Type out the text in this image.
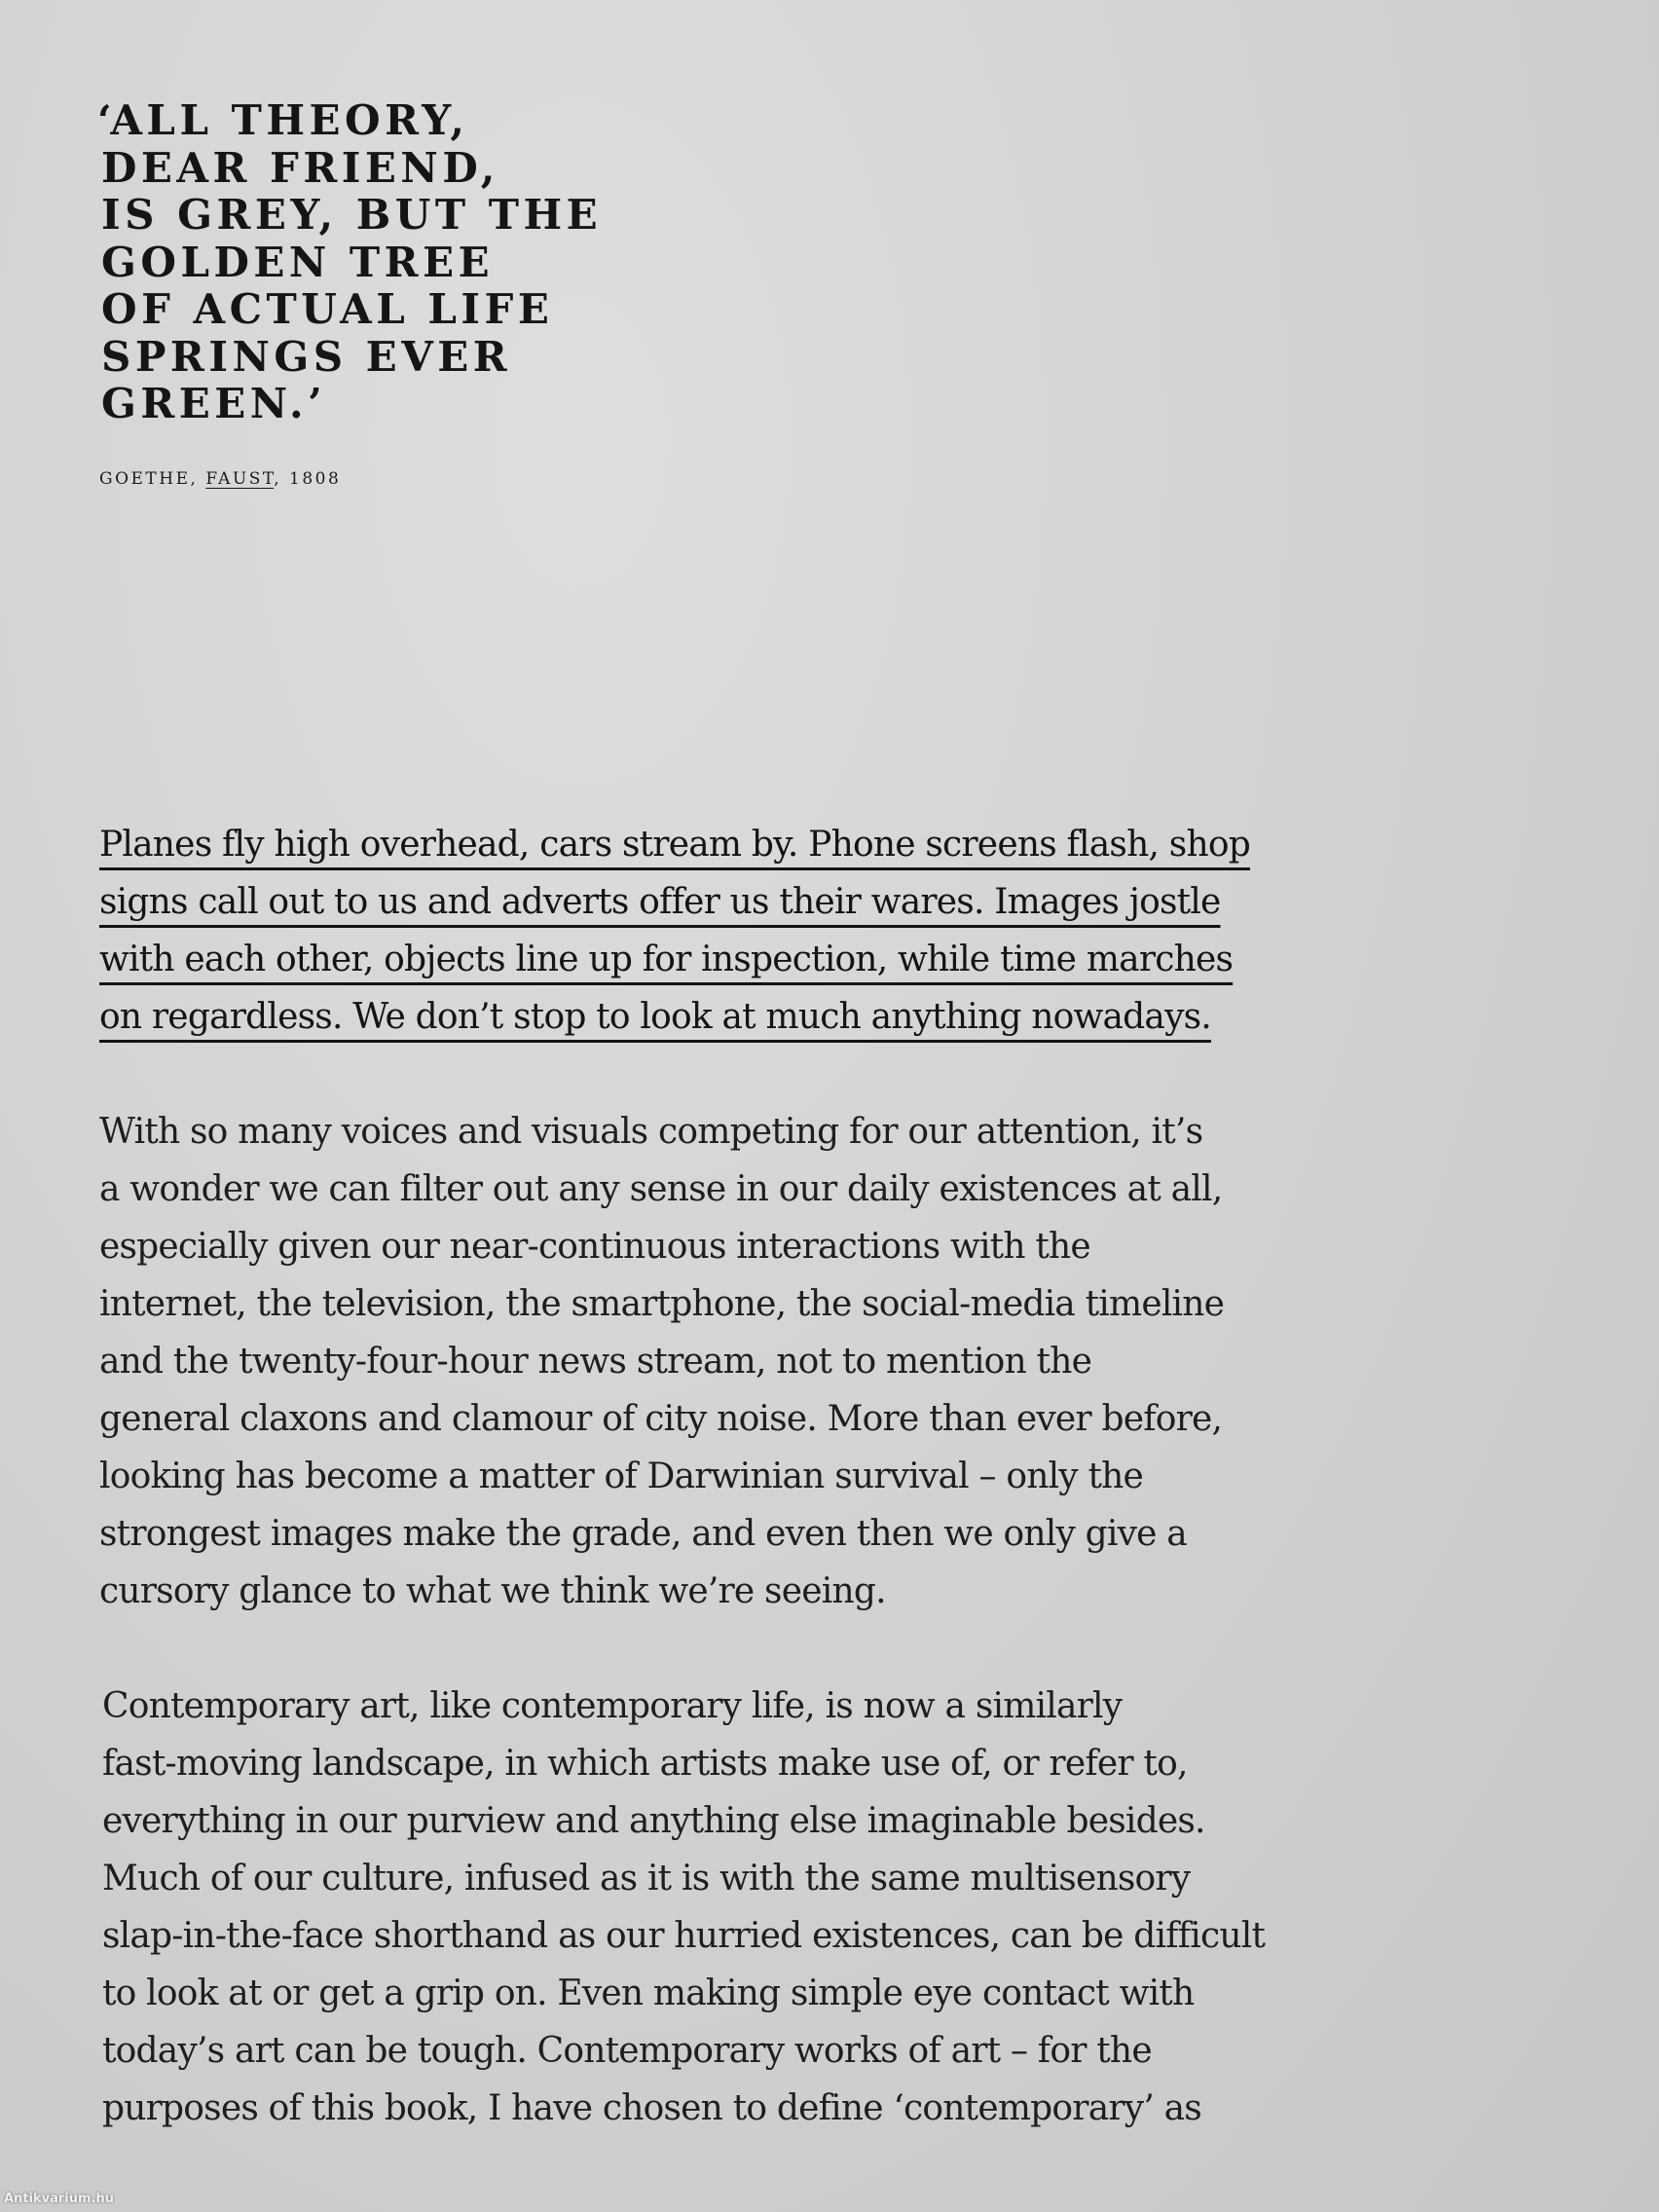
‘ALL THEORY,
DEAR FRIEND,
IS GREY, BUT THE
GOLDEN TREE
OF ACTUAL LIFE
SPRINGS EVER
GREEN.’
GOETHE, FAUST, 1808
Planes fly high overhead, cars stream by. Phone screens flash, shop
signs call out to us and adverts offer us their wares. Images jostle
with each other, objects line up for inspection, while time marches
on regardless. We don’t stop to look at much anything nowadays.
With so many voices and visuals competing for our attention, it’s
a wonder we can filter out any sense in our daily existences at all,
especially given our near-continuous interactions with the
internet, the television, the smartphone, the social-media timeline
and the twenty-four-hour news stream, not to mention the
general claxons and clamour of city noise. More than ever before,
looking has become a matter of Darwinian survival – only the
strongest images make the grade, and even then we only give a
cursory glance to what we think we’re seeing.
Contemporary art, like contemporary life, is now a similarly
fast-moving landscape, in which artists make use of, or refer to,
everything in our purview and anything else imaginable besides.
Much of our culture, infused as it is with the same multisensory
slap-in-the-face shorthand as our hurried existences, can be difficult
to look at or get a grip on. Even making simple eye contact with
today’s art can be tough. Contemporary works of art – for the
purposes of this book, I have chosen to define ‘contemporary’ as
Antikvarium.hu
